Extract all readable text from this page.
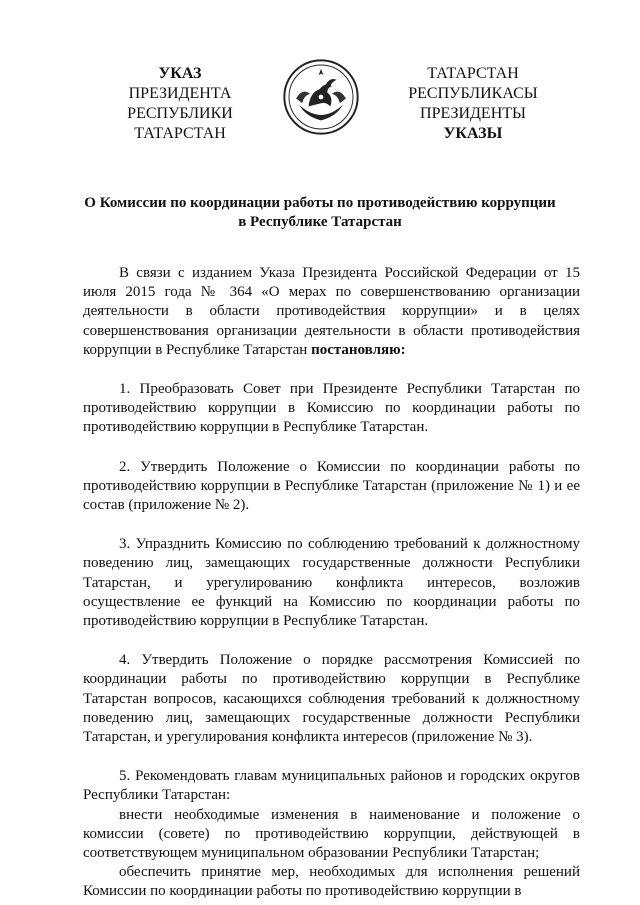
УКАЗ
ПРЕЗИДЕНТА
РЕСПУБЛИКИ ТАТАРСТАН
ТАТАРСТАН РЕСПУБЛИКАСЫ
ПРЕЗИДЕНТЫ
УКАЗЫ
О Комиссии по координации работы по противодействию коррупции
в Республике Татарстан

В связи с изданием Указа Президента Российской Федерации от 15 июля 2015 года № 364 «О мерах по совершенствованию организации деятельности в области противодействия коррупции» и в целях совершенствования организации деятельности в области противодействия коррупции в Республике Татарстан постановляю:

1. Преобразовать Совет при Президенте Республики Татарстан по противодействию коррупции в Комиссию по координации работы по противодействию коррупции в Республике Татарстан.

2. Утвердить Положение о Комиссии по координации работы по противодействию коррупции в Республике Татарстан (приложение № 1) и ее состав (приложение № 2).

3. Упразднить Комиссию по соблюдению требований к должностному поведению лиц, замещающих государственные должности Республики Татарстан, и урегулированию конфликта интересов, возложив осуществление ее функций на Комиссию по координации работы по противодействию коррупции в Республике Татарстан.

4. Утвердить Положение о порядке рассмотрения Комиссией по координации работы по противодействию коррупции в Республике Татарстан вопросов, касающихся соблюдения требований к должностному поведению лиц, замещающих государственные должности Республики Татарстан, и урегулирования конфликта интересов (приложение № 3).

5. Рекомендовать главам муниципальных районов и городских округов Республики Татарстан:

внести необходимые изменения в наименование и положение о комиссии (совете) по противодействию коррупции, действующей в соответствующем муниципальном образовании Республики Татарстан;

обеспечить принятие мер, необходимых для исполнения решений Комиссии по координации работы по противодействию коррупции в
